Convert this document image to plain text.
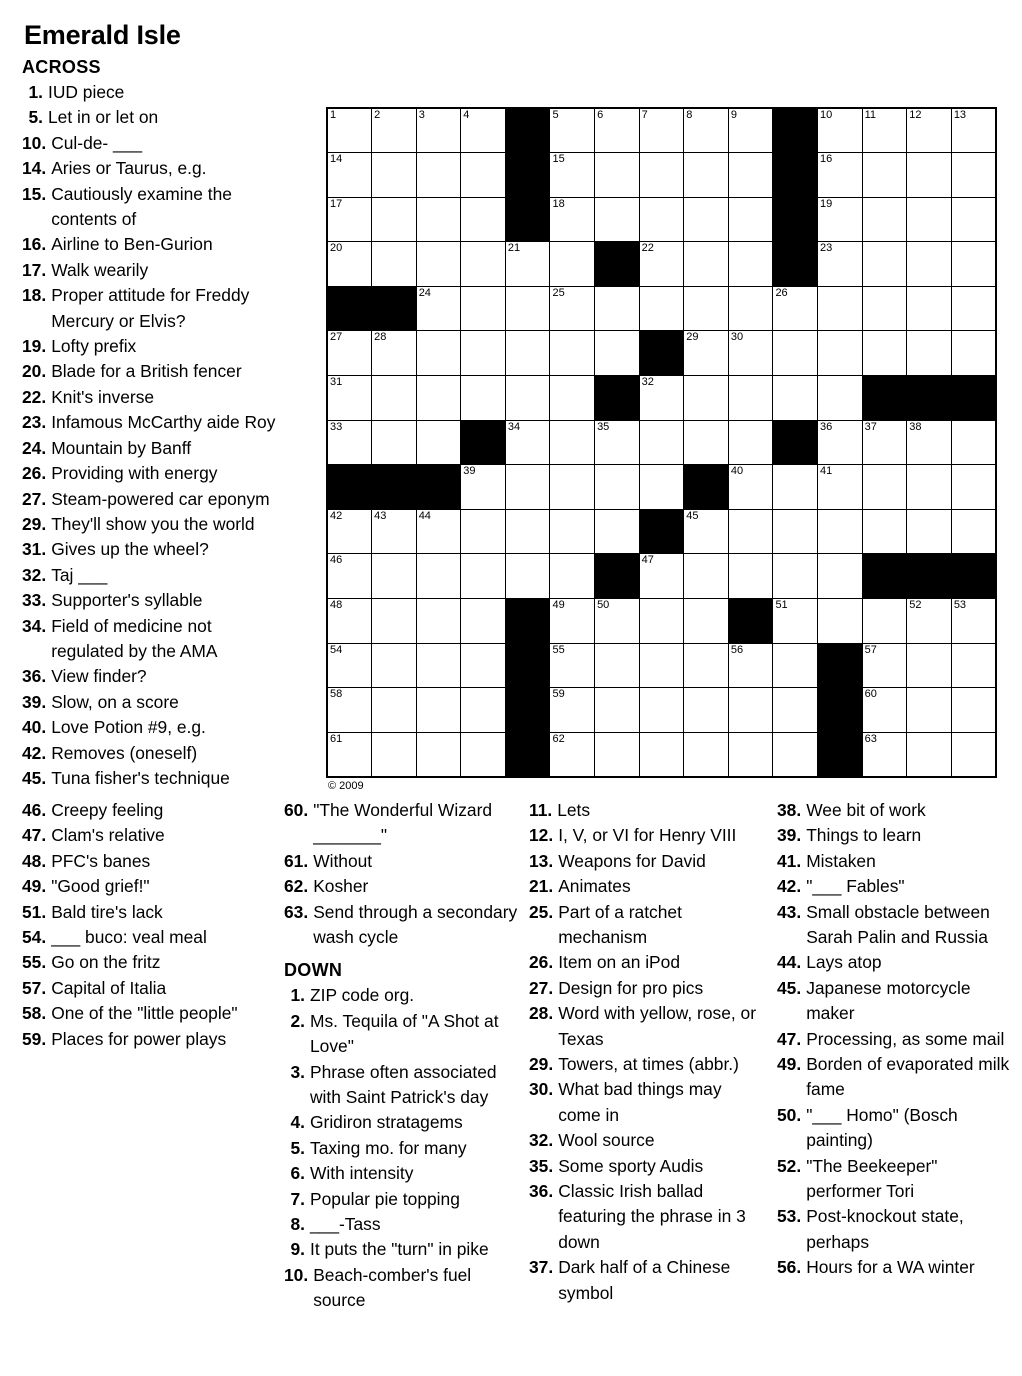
Emerald Isle
ACROSS
1. IUD piece
5. Let in or let on
10. Cul-de- ___
14. Aries or Taurus, e.g.
15. Cautiously examine the contents of
16. Airline to Ben-Gurion
17. Walk wearily
18. Proper attitude for Freddy Mercury or Elvis?
19. Lofty prefix
20. Blade for a British fencer
22. Knit's inverse
23. Infamous McCarthy aide Roy
24. Mountain by Banff
26. Providing with energy
27. Steam-powered car eponym
29. They'll show you the world
31. Gives up the wheel?
32. Taj ___
33. Supporter's syllable
34. Field of medicine not regulated by the AMA
36. View finder?
39. Slow, on a score
40. Love Potion #9, e.g.
42. Removes (oneself)
45. Tuna fisher's technique
1	2	3	4		5	6	7	8	9		10	11	12	13

14					15						16			

17					18						19			

20				21			22				23			

		24			25					26				

27	28							29	30					

31							32							

33				34		35					36	37	38	

			39						40		41			

42	43	44						45						

46							47							

48					49	50				51			52	53

54					55				56			57		

58					59							60		

61					62							63		

© 2009
46. Creepy feeling
47. Clam's relative
48. PFC's banes
49. "Good grief!"
51. Bald tire's lack
54. ___ buco: veal meal
55. Go on the fritz
57. Capital of Italia
58. One of the "little people"
59. Places for power plays
60. "The Wonderful Wizard _______"
61. Without
62. Kosher
63. Send through a secondary wash cycle
DOWN
1. ZIP code org.
2. Ms. Tequila of "A Shot at Love"
3. Phrase often associated with Saint Patrick's day
4. Gridiron stratagems
5. Taxing mo. for many
6. With intensity
7. Popular pie topping
8. ___-Tass
9. It puts the "turn" in pike
10. Beach-comber's fuel source
11. Lets
12. I, V, or VI for Henry VIII
13. Weapons for David
21. Animates
25. Part of a ratchet mechanism
26. Item on an iPod
27. Design for pro pics
28. Word with yellow, rose, or Texas
29. Towers, at times (abbr.)
30. What bad things may come in
32. Wool source
35. Some sporty Audis
36. Classic Irish ballad featuring the phrase in 3 down
37. Dark half of a Chinese symbol
38. Wee bit of work
39. Things to learn
41. Mistaken
42. "___ Fables"
43. Small obstacle between Sarah Palin and Russia
44. Lays atop
45. Japanese motorcycle maker
47. Processing, as some mail
49. Borden of evaporated milk fame
50. "___ Homo" (Bosch painting)
52. "The Beekeeper" performer Tori
53. Post-knockout state, perhaps
56. Hours for a WA winter
